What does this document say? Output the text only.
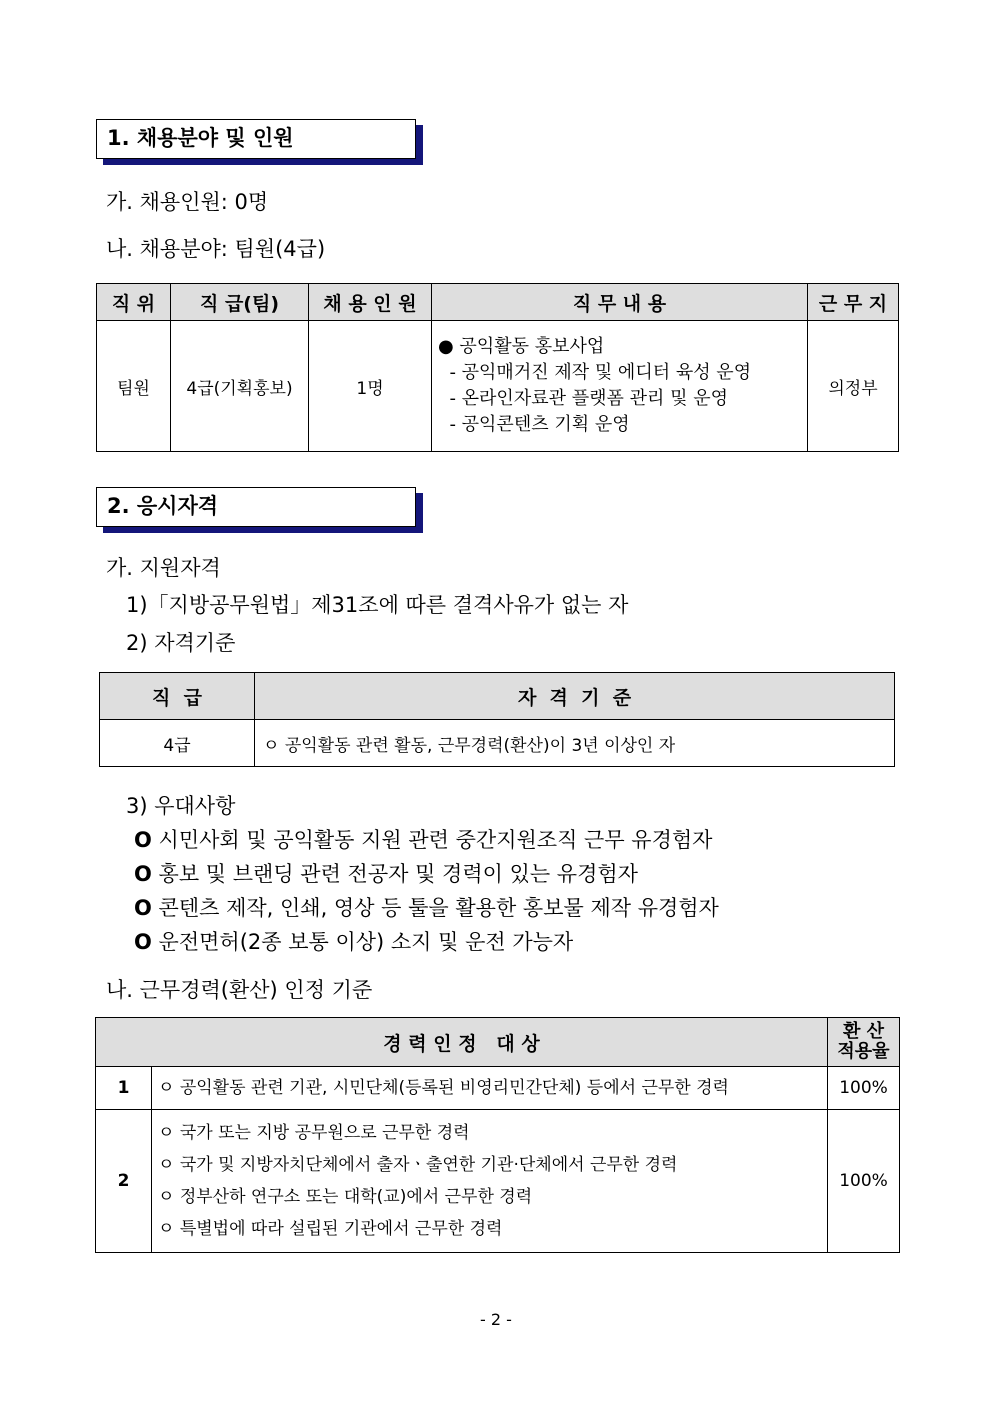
1. 채용분야 및 인원
가. 채용인원: 0명
나. 채용분야: 팀원(4급)
직 위	직 급(팀)	채 용 인 원	직 무 내 용	근 무 지
팀원	4급(기획홍보)	1명	● 공익활동 홍보사업
- 공익매거진 제작 및 에디터 육성 운영
- 온라인자료관 플랫폼 관리 및 운영
- 공익콘텐츠 기획 운영	의정부
2. 응시자격
가. 지원자격
1)「지방공무원법」제31조에 따른 결격사유가 없는 자
2) 자격기준
직  급	자  격  기  준
4급	ㅇ 공익활동 관련 활동, 근무경력(환산)이 3년 이상인 자
3) 우대사항
O 시민사회 및 공익활동 지원 관련 중간지원조직 근무 유경험자
O 홍보 및 브랜딩 관련 전공자 및 경력이 있는 유경험자
O 콘텐츠 제작, 인쇄, 영상 등 툴을 활용한 홍보물 제작 유경험자
O 운전면허(2종 보통 이상) 소지 및 운전 가능자
나. 근무경력(환산) 인정 기준
경 력 인 정   대 상		환 산
적용율

1	ㅇ 공익활동 관련 기관, 시민단체(등록된 비영리민간단체) 등에서 근무한 경력	100%
2	ㅇ 국가 또는 지방 공무원으로 근무한 경력
ㅇ 국가 및 지방자치단체에서 출자ㆍ출연한 기관·단체에서 근무한 경력
ㅇ 정부산하 연구소 또는 대학(교)에서 근무한 경력
ㅇ 특별법에 따라 설립된 기관에서 근무한 경력	100%
- 2 -
